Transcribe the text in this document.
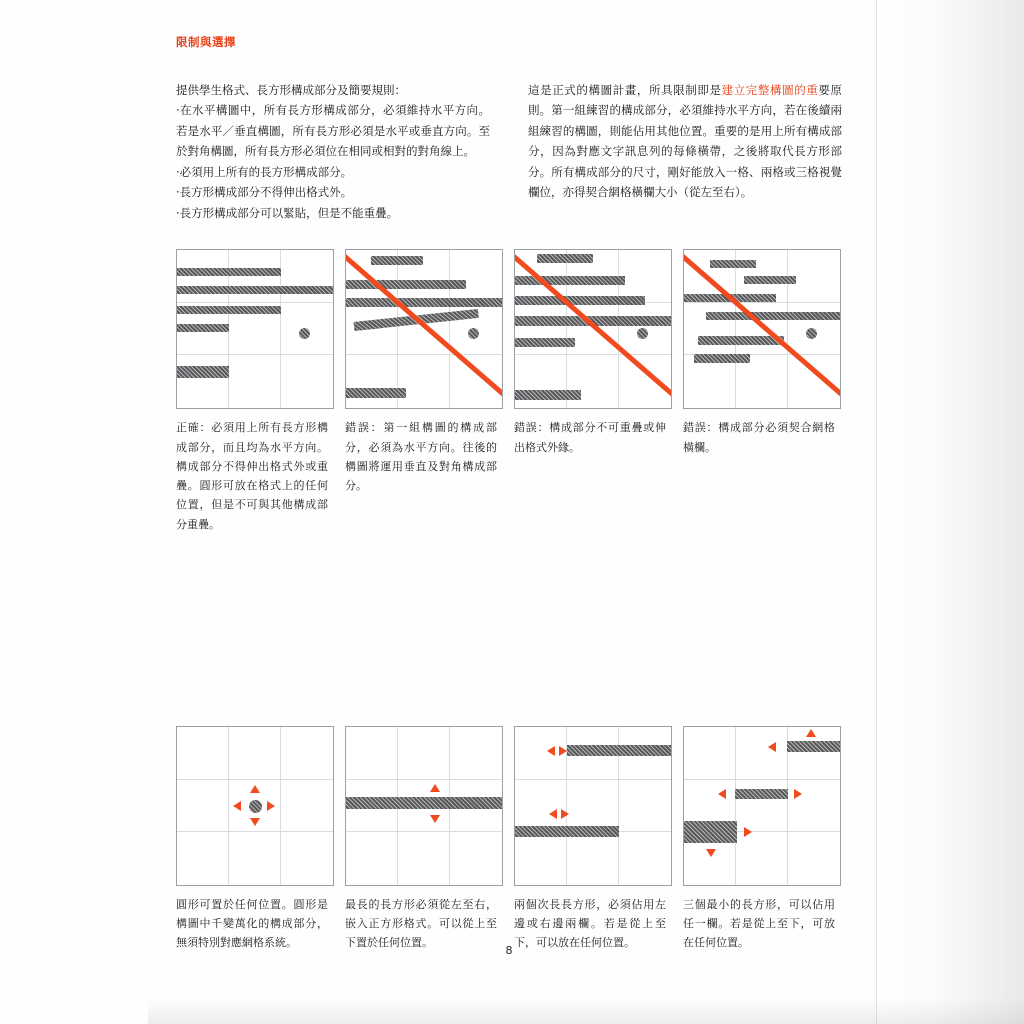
限制與選擇

提供學生格式、長方形構成部分及簡要規則：

‧在水平構圖中，所有長方形構成部分，必須維持水平方向。若是水平／垂直構圖，所有長方形必須是水平或垂直方向。至於對角構圖，所有長方形必須位在相同或相對的對角線上。

‧必須用上所有的長方形構成部分。

‧長方形構成部分不得伸出格式外。

‧長方形構成部分可以緊貼，但是不能重疊。

這是正式的構圖計畫，所具限制即是建立完整構圖的重要原則。第一組練習的構成部分，必須維持水平方向，若在後續兩組練習的構圖，則能佔用其他位置。重要的是用上所有構成部分，因為對應文字訊息列的每條橫帶，之後將取代長方形部分。所有構成部分的尺寸，剛好能放入一格、兩格或三格視覺欄位，亦得契合網格橫欄大小（從左至右）。

正確：必須用上所有長方形構成部分，而且均為水平方向。構成部分不得伸出格式外或重疊。圓形可放在格式上的任何位置，但是不可與其他構成部分重疊。
錯誤：第一組構圖的構成部分，必須為水平方向。往後的構圖將運用垂直及對角構成部分。
錯誤：構成部分不可重疊或伸出格式外緣。
錯誤：構成部分必須契合網格橫欄。
圓形可置於任何位置。圓形是構圖中千變萬化的構成部分，無須特別對應網格系統。
最長的長方形必須從左至右，嵌入正方形格式。可以從上至下置於任何位置。
兩個次長長方形，必須佔用左邊或右邊兩欄。若是從上至下，可以放在任何位置。
三個最小的長方形，可以佔用任一欄。若是從上至下，可放在任何位置。
8
